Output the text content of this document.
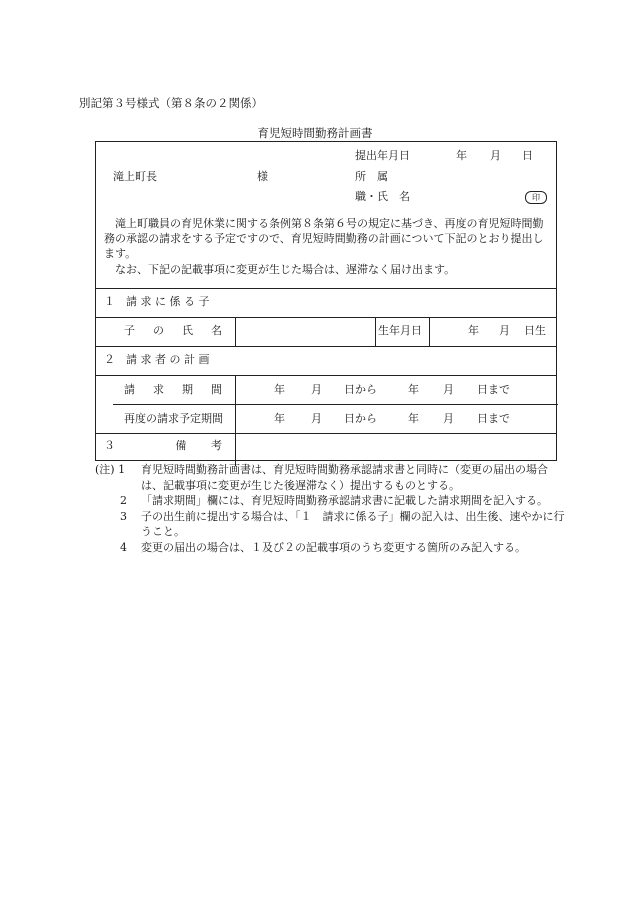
別記第３号様式（第８条の２関係）
育児短時間勤務計画書
提出年月日	年 月 日
滝上町長	様	所　属
職・氏　名	印
滝上町職員の育児休業に関する条例第８条第６号の規定に基づき、再度の育児短時間勤務の承認の請求をする予定ですので、育児短時間勤務の計画について下記のとおり提出します。
なお、下記の記載事項に変更が生じた場合は、遅滞なく届け出ます。
１　請 求 に 係 る 子
子の氏名	生年月日	年 月 日生
２　請 求 者 の 計 画
請求期間	年 月 日から	年 月 日まで
再度の請求予定期間	年 月 日から	年 月 日まで
３　備考
(注) 1 育児短時間勤務計画書は、育児短時間勤務承認請求書と同時に（変更の届出の場合は、記載事項に変更が生じた後遅滞なく）提出するものとする。
2 「請求期間」欄には、育児短時間勤務承認請求書に記載した請求期間を記入する。
3 子の出生前に提出する場合は、「１　請求に係る子」欄の記入は、出生後、速やかに行うこと。
4 変更の届出の場合は、１及び２の記載事項のうち変更する箇所のみ記入する。
